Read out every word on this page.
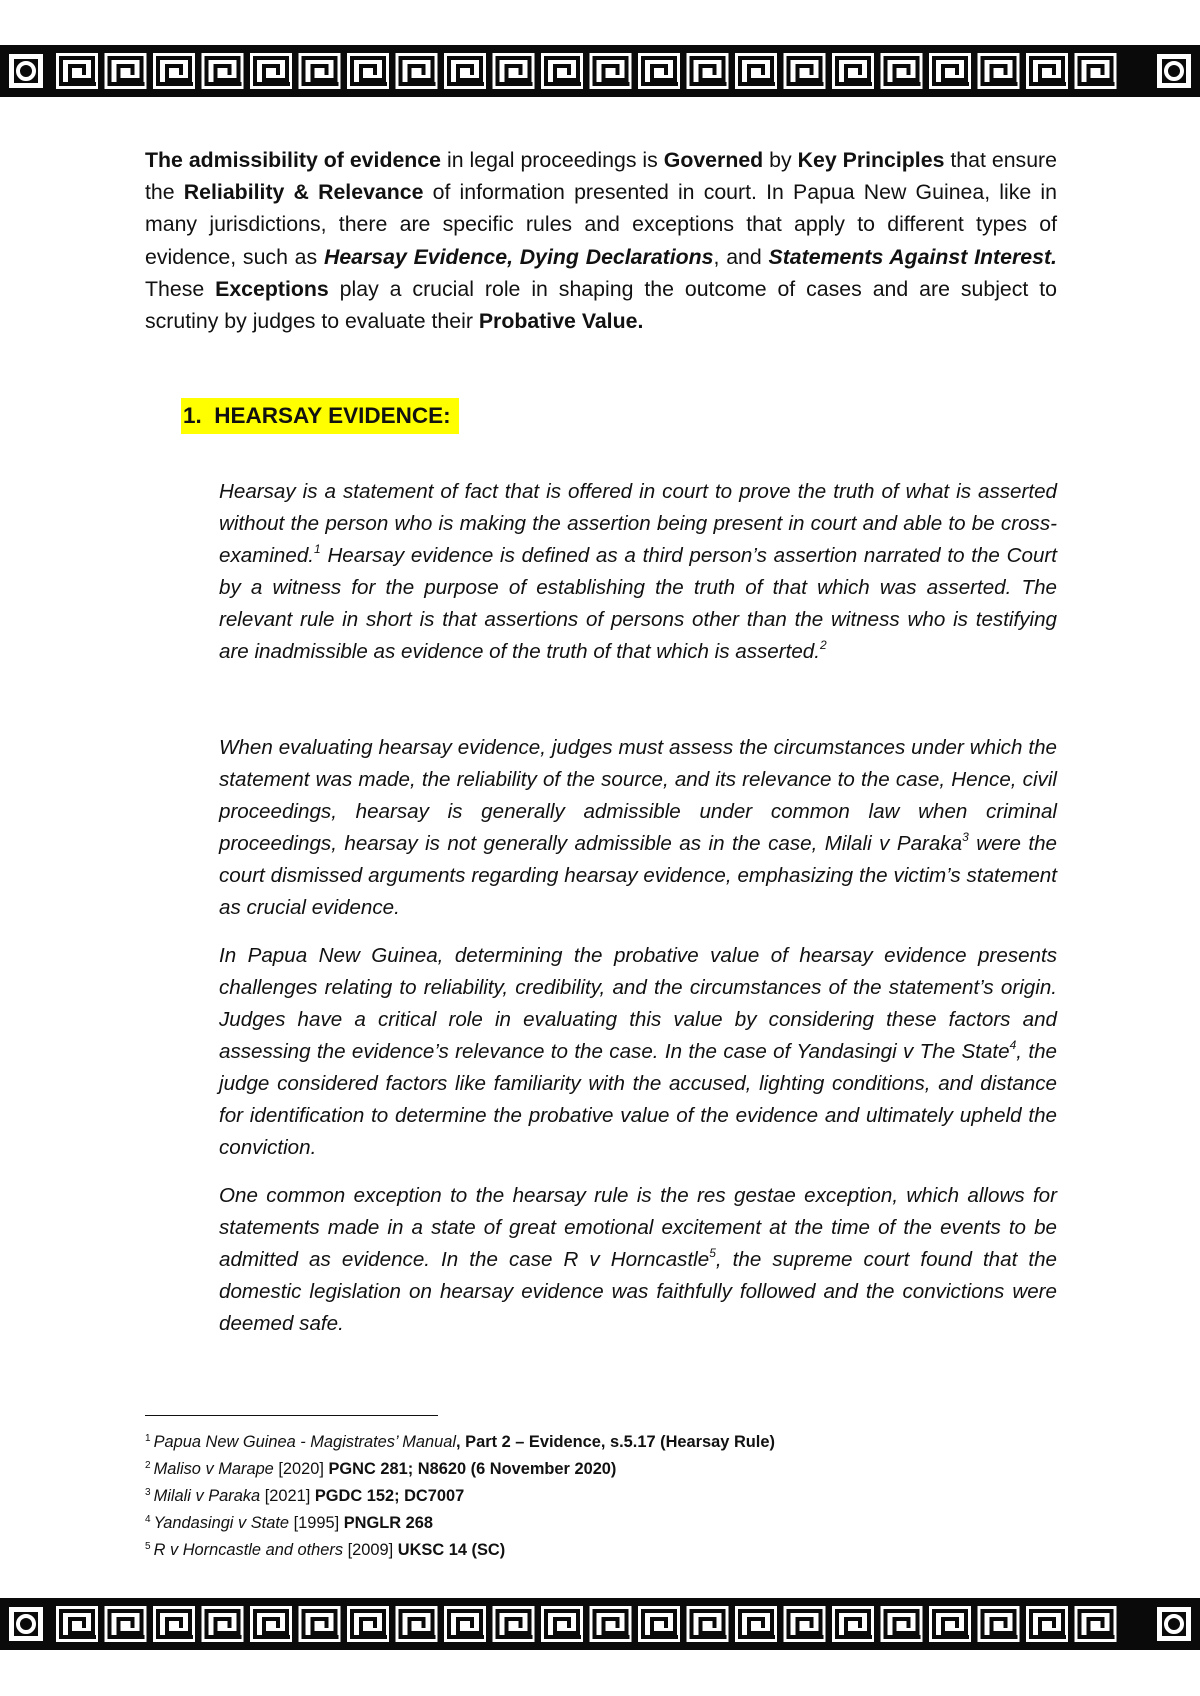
The admissibility of evidence in legal proceedings is Governed by Key Principles that ensure the Reliability & Relevance of information presented in court. In Papua New Guinea, like in many jurisdictions, there are specific rules and exceptions that apply to different types of evidence, such as Hearsay Evidence, Dying Declarations, and Statements Against Interest. These Exceptions play a crucial role in shaping the outcome of cases and are subject to scrutiny by judges to evaluate their Probative Value.

1. HEARSAY EVIDENCE:

Hearsay is a statement of fact that is offered in court to prove the truth of what is asserted without the person who is making the assertion being present in court and able to be cross-examined.$^1$ Hearsay evidence is defined as a third person’s assertion narrated to the Court by a witness for the purpose of establishing the truth of that which was asserted. The relevant rule in short is that assertions of persons other than the witness who is testifying are inadmissible as evidence of the truth of that which is asserted.$^2$

When evaluating hearsay evidence, judges must assess the circumstances under which the statement was made, the reliability of the source, and its relevance to the case, Hence, civil proceedings, hearsay is generally admissible under common law when criminal proceedings, hearsay is not generally admissible as in the case, Milali v Paraka$^3$ were the court dismissed arguments regarding hearsay evidence, emphasizing the victim’s statement as crucial evidence.

In Papua New Guinea, determining the probative value of hearsay evidence presents challenges relating to reliability, credibility, and the circumstances of the statement’s origin. Judges have a critical role in evaluating this value by considering these factors and assessing the evidence’s relevance to the case. In the case of Yandasingi v The State$^4$, the judge considered factors like familiarity with the accused, lighting conditions, and distance for identification to determine the probative value of the evidence and ultimately upheld the conviction.

One common exception to the hearsay rule is the res gestae exception, which allows for statements made in a state of great emotional excitement at the time of the events to be admitted as evidence. In the case R v Horncastle$^5$, the supreme court found that the domestic legislation on hearsay evidence was faithfully followed and the convictions were deemed safe.

$^1$ Papua New Guinea - Magistrates’ Manual, Part 2 – Evidence, s.5.17 (Hearsay Rule)

$^2$ Maliso v Marape [2020] PGNC 281; N8620 (6 November 2020)

$^3$ Milali v Paraka [2021] PGDC 152; DC7007

$^4$ Yandasingi v State [1995] PNGLR 268

$^5$ R v Horncastle and others [2009] UKSC 14 (SC)
